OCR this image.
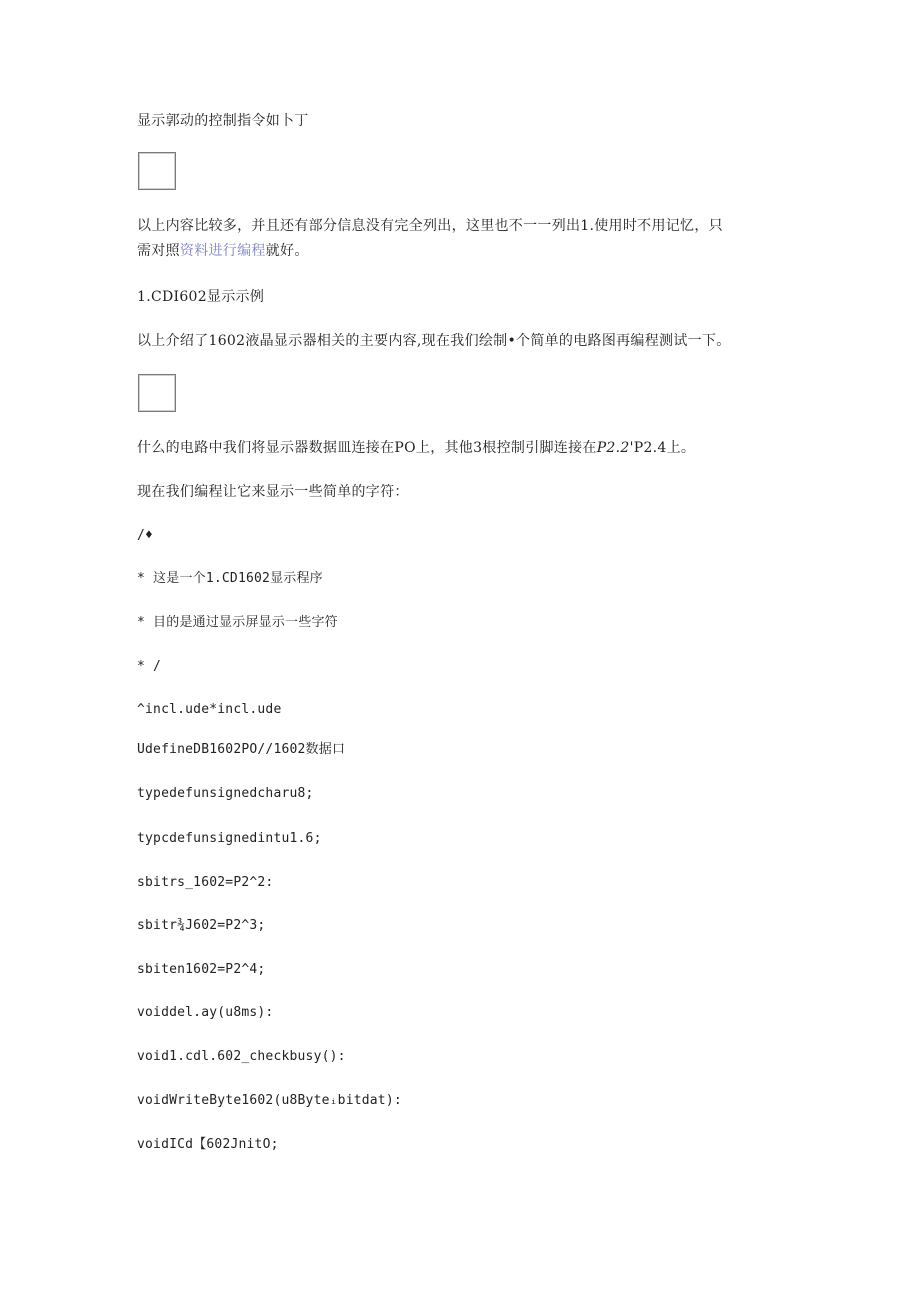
显示郭动的控制指令如卜丁
以上内容比较多，并且还有部分信息没有完全列出，这里也不一一列出1.使用时不用记忆，只
需对照资料进行编程就好。
1.CDI602显示示例
以上介绍了1602液晶显示器相关的主要内容,现在我们绘制•个简单的电路图再编程测试一下。
什么的电路中我们将显示器数据皿连接在PO上，其他3根控制引脚连接在P2.2'P2.4上。
现在我们编程让它来显示一些简单的字符：
/♦
* 这是一个1.CD1602显示程序
* 目的是通过显示屏显示一些字符
* /
^incl.ude*incl.ude
UdefineDB1602PO//1602数据口
typedefunsignedcharu8;
typcdefunsignedintu1.6;
sbitrs_1602=P2^2:
sbitr¾J602=P2^3;
sbiten1602=P2^4;
voiddel.ay(u8ms):
void1.cdl.602_checkbusy():
voidWriteByte1602(u8Byteᵢbitdat):
voidICd【602JnitO;
